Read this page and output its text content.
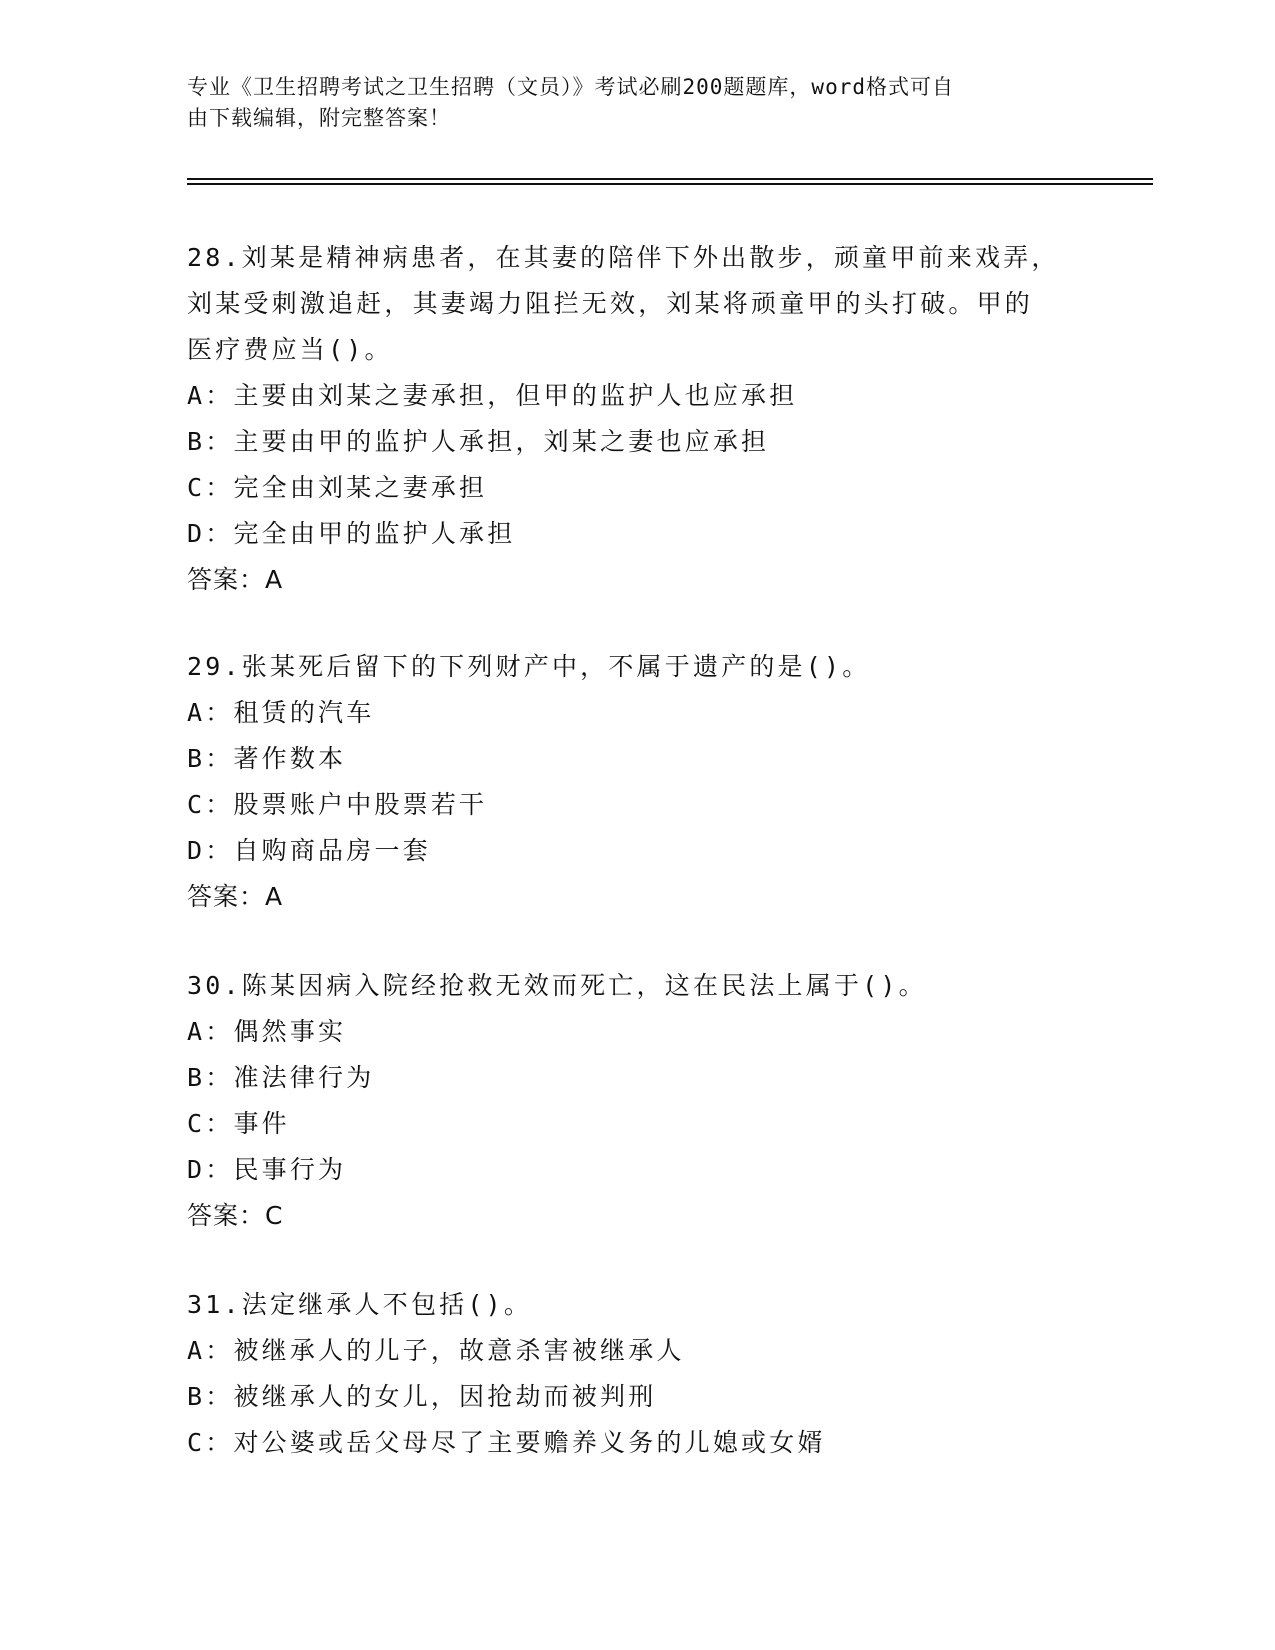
专业《卫生招聘考试之卫生招聘（文员）》考试必刷200题题库，word格式可自
由下载编辑，附完整答案！

28.刘某是精神病患者，在其妻的陪伴下外出散步，顽童甲前来戏弄，

刘某受刺激追赶，其妻竭力阻拦无效，刘某将顽童甲的头打破。甲的

医疗费应当()。

A：主要由刘某之妻承担，但甲的监护人也应承担

B：主要由甲的监护人承担，刘某之妻也应承担

C：完全由刘某之妻承担

D：完全由甲的监护人承担

答案：A

29.张某死后留下的下列财产中，不属于遗产的是()。

A：租赁的汽车

B：著作数本

C：股票账户中股票若干

D：自购商品房一套

答案：A

30.陈某因病入院经抢救无效而死亡，这在民法上属于()。

A：偶然事实

B：准法律行为

C：事件

D：民事行为

答案：C

31.法定继承人不包括()。

A：被继承人的儿子，故意杀害被继承人

B：被继承人的女儿，因抢劫而被判刑

C：对公婆或岳父母尽了主要赡养义务的儿媳或女婿
